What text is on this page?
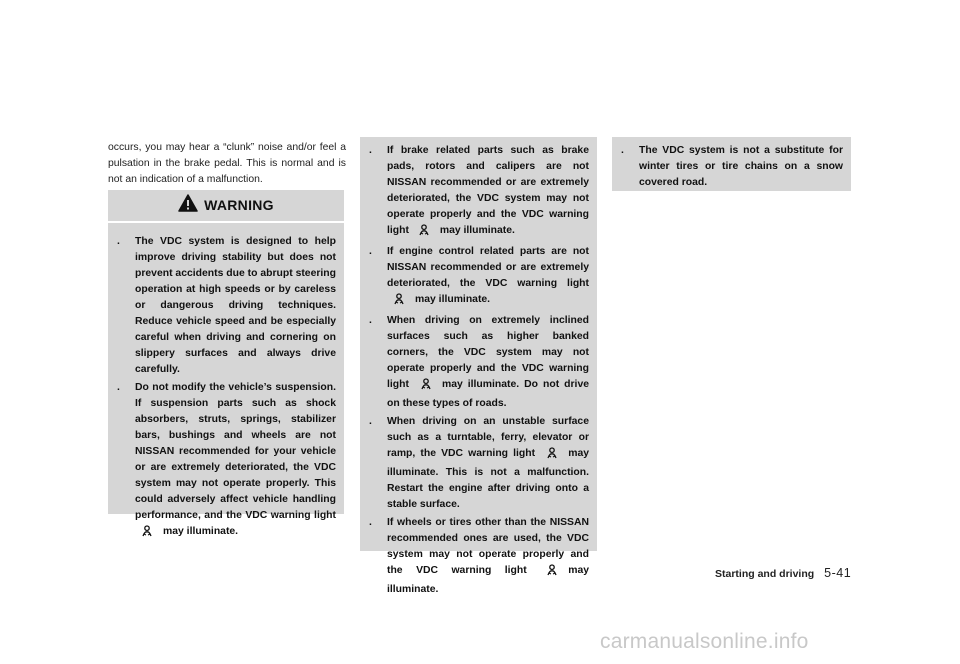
occurs, you may hear a “clunk” noise and/or feel a pulsation in the brake pedal. This is normal and is not an indication of a malfunction.

WARNING
. The VDC system is designed to help improve driving stability but does not prevent accidents due to abrupt steering operation at high speeds or by careless or dangerous driving techniques. Reduce vehicle speed and be especially careful when driving and cornering on slippery surfaces and always drive carefully.
. Do not modify the vehicle’s suspension. If suspension parts such as shock absorbers, struts, springs, stabilizer bars, bushings and wheels are not NISSAN recommended for your vehicle or are extremely deteriorated, the VDC system may not operate properly. This could adversely affect vehicle handling performance, and the VDC warning light may illuminate.
. If brake related parts such as brake pads, rotors and calipers are not NISSAN recommended or are extremely deteriorated, the VDC system may not operate properly and the VDC warning light	may illuminate.
. If engine control related parts are not NISSAN recommended or are extremely deteriorated, the VDC warning light may illuminate.
. When driving on extremely inclined surfaces such as higher banked corners, the VDC system may not operate properly and the VDC warning light	may illuminate. Do not drive on these types of roads.
. When driving on an unstable surface such as a turntable, ferry, elevator or ramp, the VDC warning light	may illuminate. This is not a malfunction. Restart the engine after driving onto a stable surface.
. If wheels or tires other than the NISSAN recommended ones are used, the VDC system may not operate properly and the VDC warning light	may illuminate.
. The VDC system is not a substitute for winter tires or tire chains on a snow covered road.
Starting and driving 5-41
carmanualsonline.info
